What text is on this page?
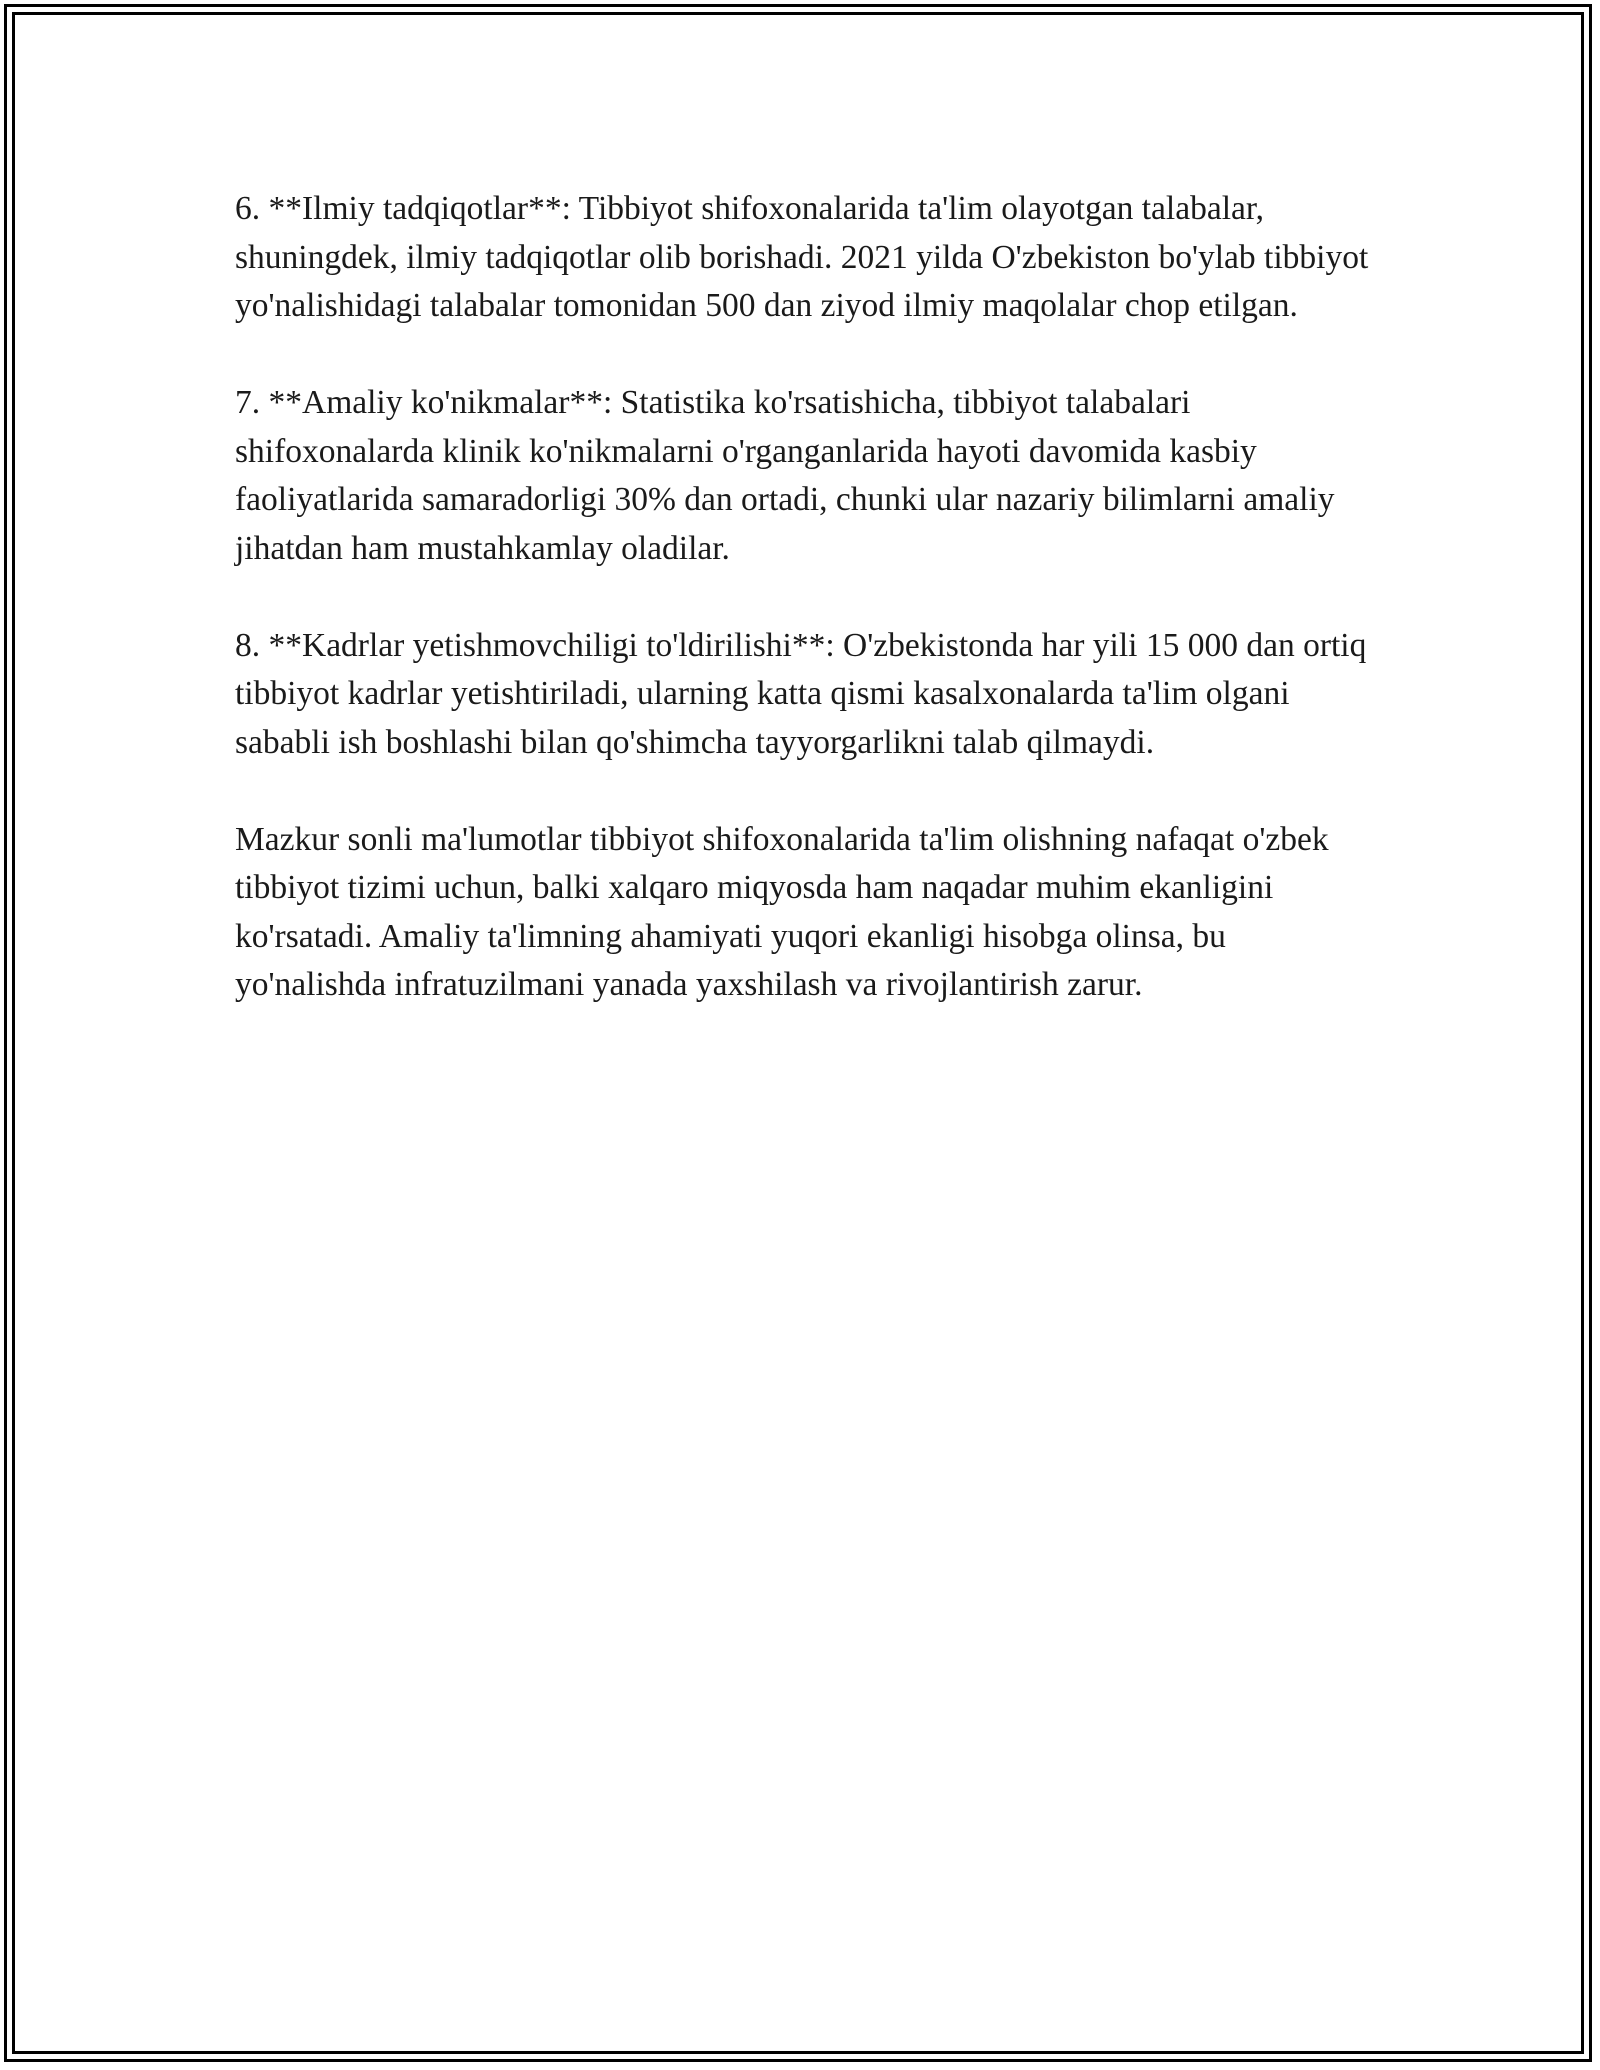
6. **Ilmiy tadqiqotlar**: Tibbiyot shifoxonalarida ta'lim olayotgan talabalar, shuningdek, ilmiy tadqiqotlar olib borishadi. 2021 yilda O'zbekiston bo'ylab tibbiyot yo'nalishidagi talabalar tomonidan 500 dan ziyod ilmiy maqolalar chop etilgan.

7. **Amaliy ko'nikmalar**: Statistika ko'rsatishicha, tibbiyot talabalari shifoxonalarda klinik ko'nikmalarni o'rganganlarida hayoti davomida kasbiy faoliyatlarida samaradorligi 30% dan ortadi, chunki ular nazariy bilimlarni amaliy jihatdan ham mustahkamlay oladilar.

8. **Kadrlar yetishmovchiligi to'ldirilishi**: O'zbekistonda har yili 15 000 dan ortiq tibbiyot kadrlar yetishtiriladi, ularning katta qismi kasalxonalarda ta'lim olgani sababli ish boshlashi bilan qo'shimcha tayyorgarlikni talab qilmaydi.

Mazkur sonli ma'lumotlar tibbiyot shifoxonalarida ta'lim olishning nafaqat o'zbek tibbiyot tizimi uchun, balki xalqaro miqyosda ham naqadar muhim ekanligini ko'rsatadi. Amaliy ta'limning ahamiyati yuqori ekanligi hisobga olinsa, bu yo'nalishda infratuzilmani yanada yaxshilash va rivojlantirish zarur.
